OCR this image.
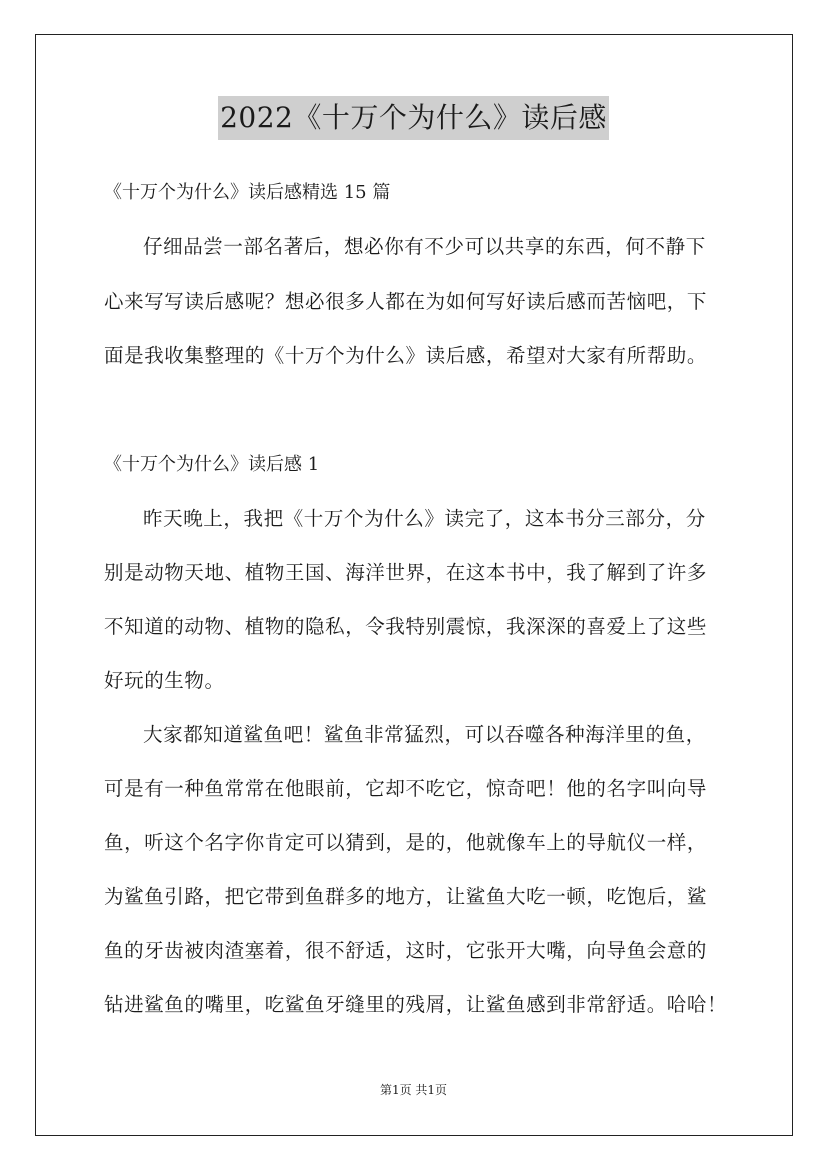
2022《十万个为什么》读后感
《十万个为什么》读后感精选 15 篇
仔细品尝一部名著后，想必你有不少可以共享的东西，何不静下
心来写写读后感呢？想必很多人都在为如何写好读后感而苦恼吧，下
面是我收集整理的《十万个为什么》读后感，希望对大家有所帮助。
《十万个为什么》读后感 1
昨天晚上，我把《十万个为什么》读完了，这本书分三部分，分
别是动物天地、植物王国、海洋世界，在这本书中，我了解到了许多
不知道的动物、植物的隐私，令我特别震惊，我深深的喜爱上了这些
好玩的生物。
大家都知道鲨鱼吧！鲨鱼非常猛烈，可以吞噬各种海洋里的鱼，
可是有一种鱼常常在他眼前，它却不吃它，惊奇吧！他的名字叫向导
鱼，听这个名字你肯定可以猜到，是的，他就像车上的导航仪一样，
为鲨鱼引路，把它带到鱼群多的地方，让鲨鱼大吃一顿，吃饱后，鲨
鱼的牙齿被肉渣塞着，很不舒适，这时，它张开大嘴，向导鱼会意的
钻进鲨鱼的嘴里，吃鲨鱼牙缝里的残屑，让鲨鱼感到非常舒适。哈哈！
第1页 共1页
